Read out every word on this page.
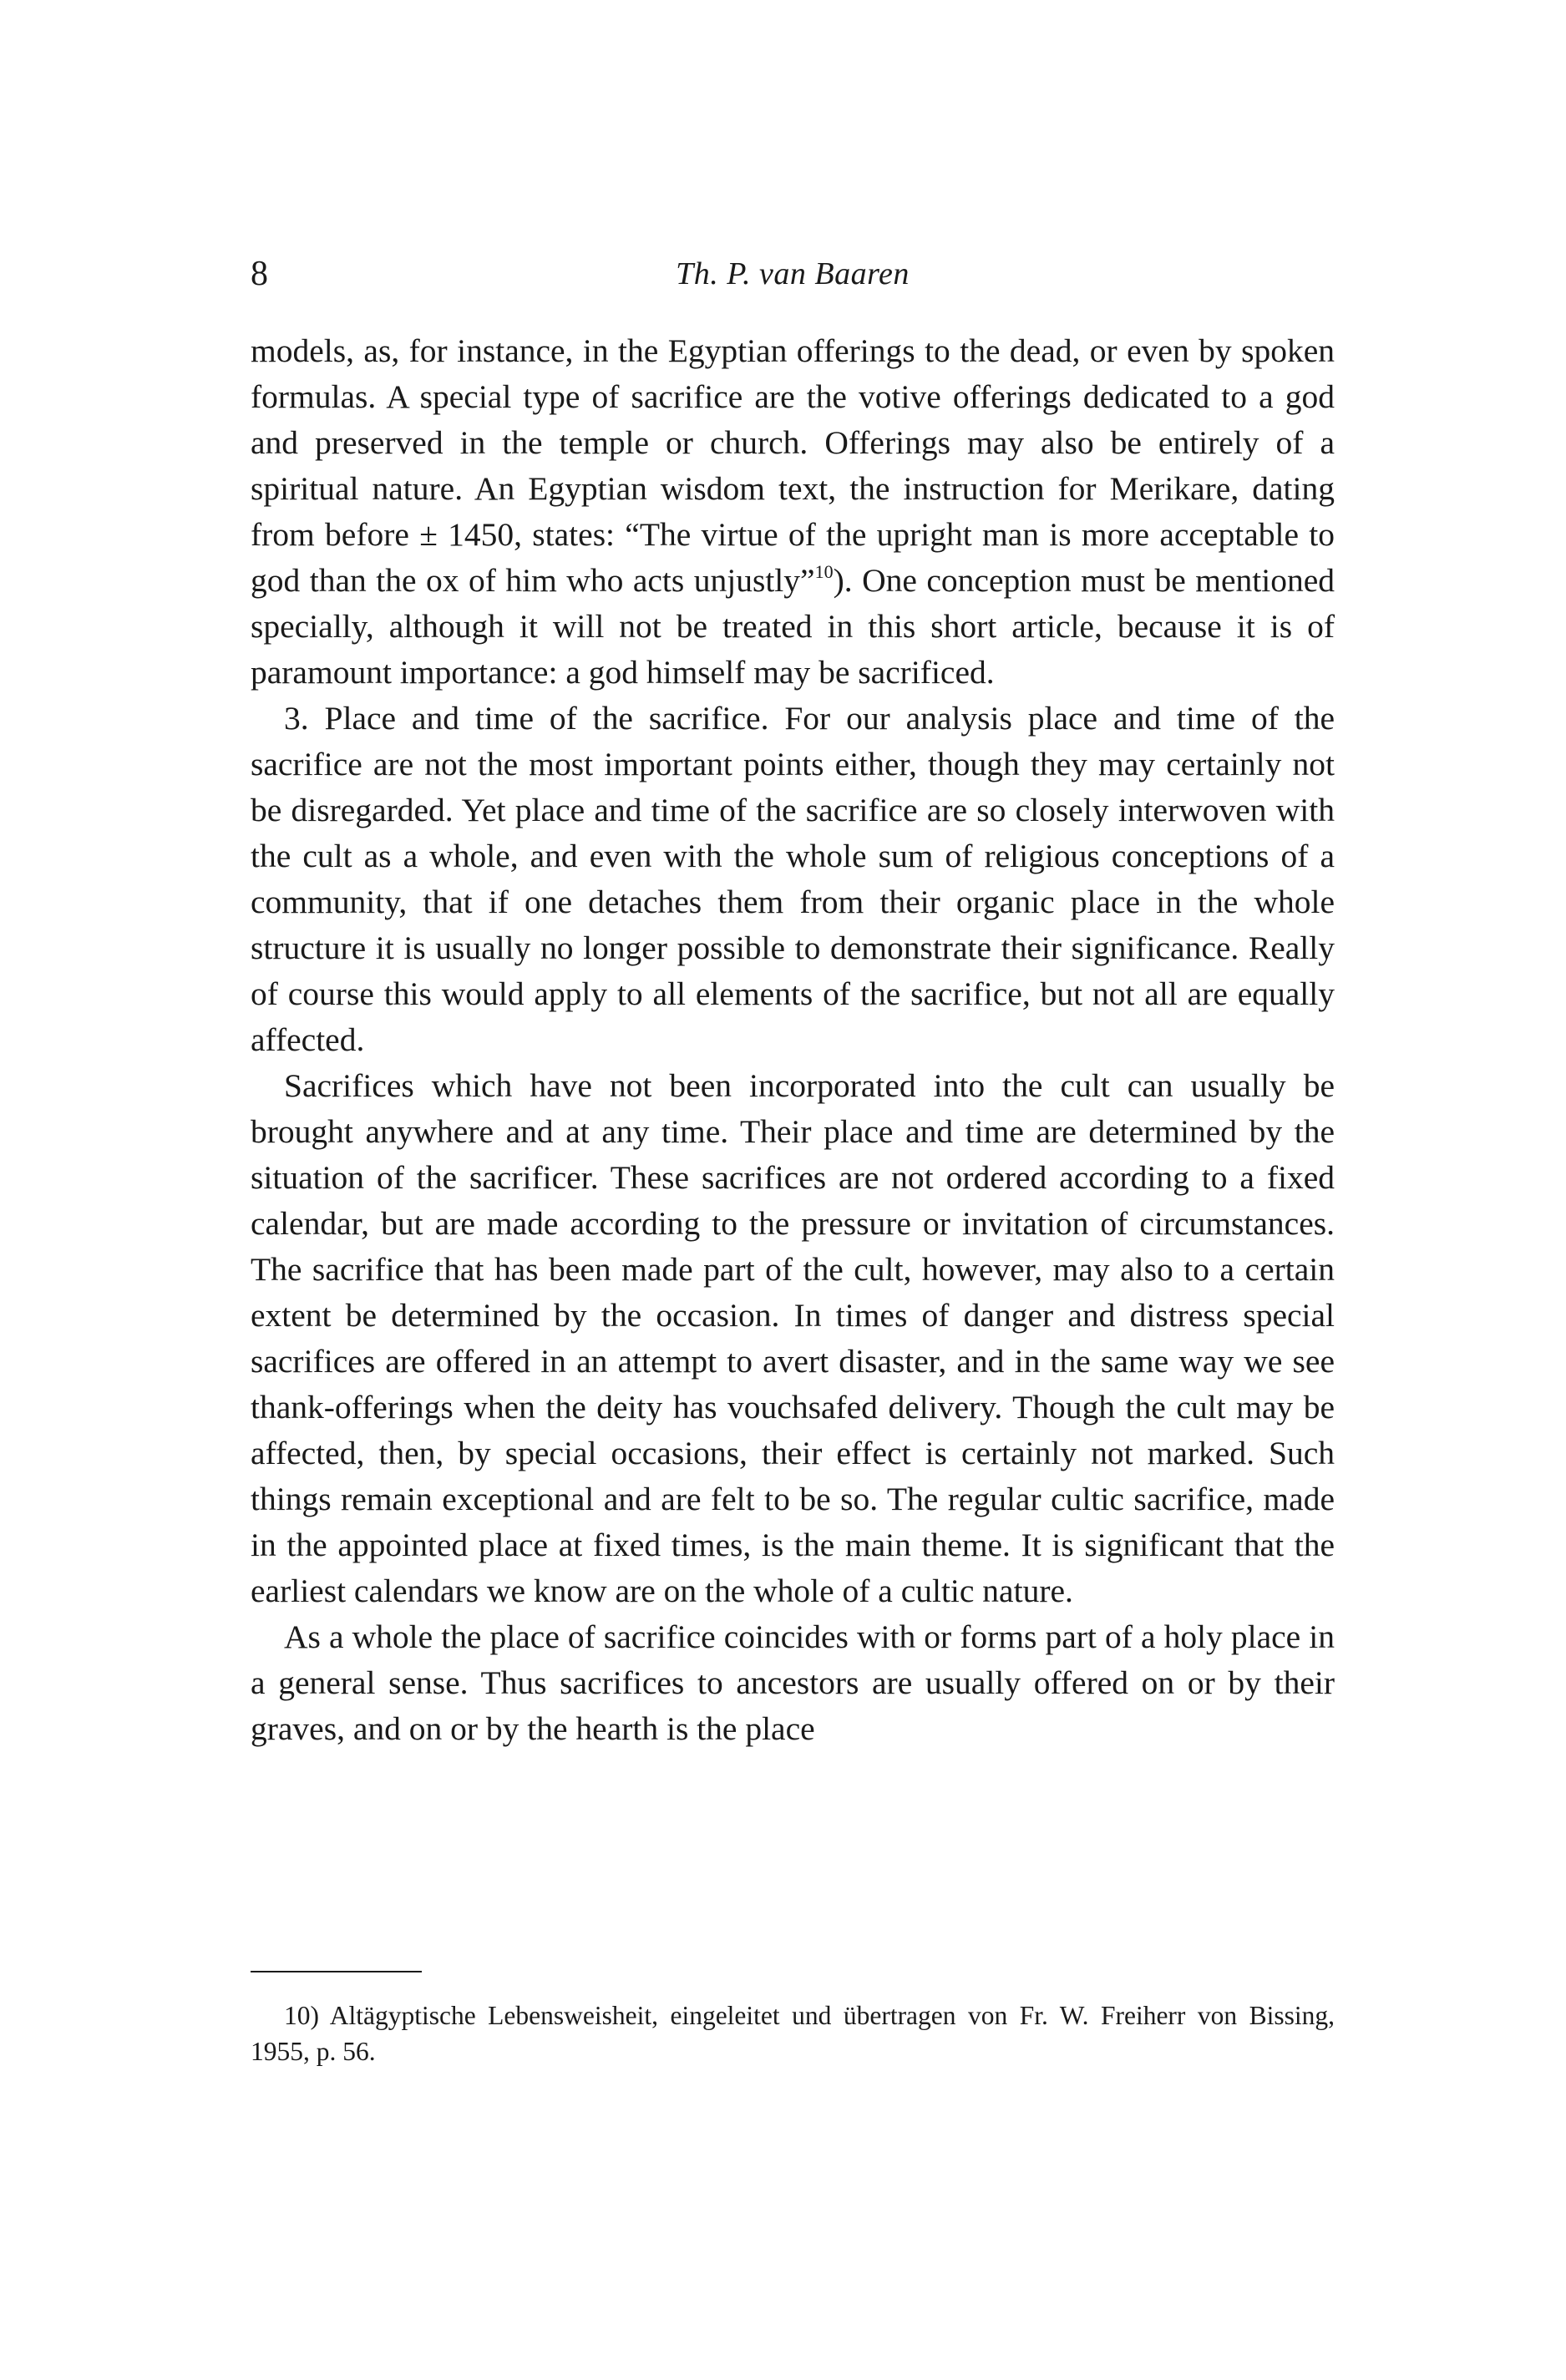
8	Th. P. van Baaren

models, as, for instance, in the Egyptian offerings to the dead, or even by spoken formulas. A special type of sacrifice are the votive offerings dedicated to a god and preserved in the temple or church. Offerings may also be entirely of a spiritual nature. An Egyptian wisdom text, the instruction for Merikare, dating from before ± 1450, states: “The virtue of the upright man is more acceptable to god than the ox of him who acts unjustly”$^{10}$). One conception must be mentioned specially, although it will not be treated in this short article, because it is of paramount importance: a god himself may be sacrificed.

3. Place and time of the sacrifice. For our analysis place and time of the sacrifice are not the most important points either, though they may certainly not be disregarded. Yet place and time of the sacrifice are so closely interwoven with the cult as a whole, and even with the whole sum of religious conceptions of a community, that if one detaches them from their organic place in the whole structure it is usually no longer possible to demonstrate their significance. Really of course this would apply to all elements of the sacrifice, but not all are equally affected.

Sacrifices which have not been incorporated into the cult can usually be brought anywhere and at any time. Their place and time are determined by the situation of the sacrificer. These sacrifices are not ordered according to a fixed calendar, but are made according to the pressure or invitation of circumstances. The sacrifice that has been made part of the cult, however, may also to a certain extent be determined by the occasion. In times of danger and distress special sacrifices are offered in an attempt to avert disaster, and in the same way we see thank-offerings when the deity has vouchsafed delivery. Though the cult may be affected, then, by special occasions, their effect is certainly not marked. Such things remain exceptional and are felt to be so. The regular cultic sacrifice, made in the appointed place at fixed times, is the main theme. It is significant that the earliest calendars we know are on the whole of a cultic nature.

As a whole the place of sacrifice coincides with or forms part of a holy place in a general sense. Thus sacrifices to ancestors are usually offered on or by their graves, and on or by the hearth is the place

10) Altägyptische Lebensweisheit, eingeleitet und übertragen von Fr. W. Freiherr von Bissing, 1955, p. 56.
